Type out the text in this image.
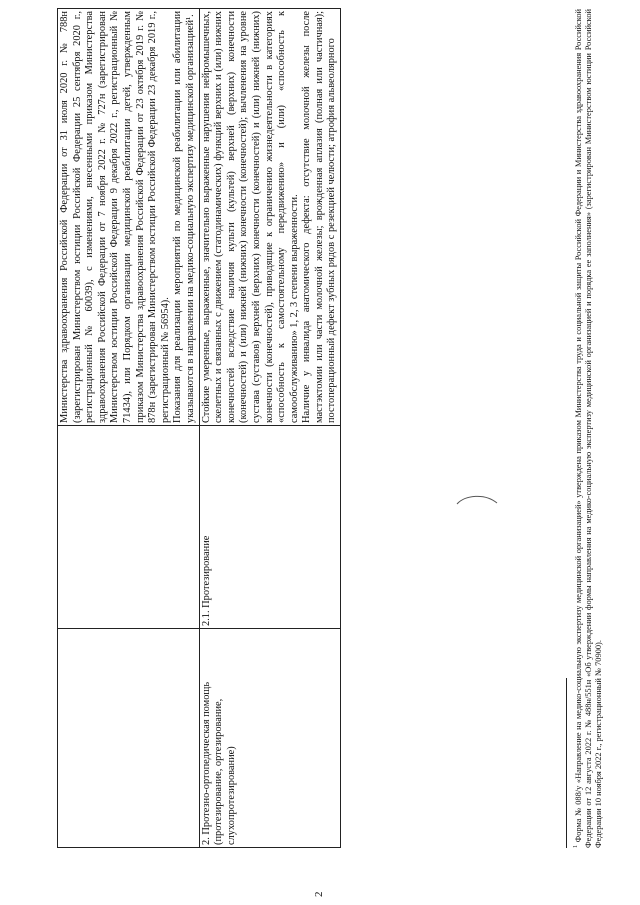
2

		Министерства здравоохранения Российской Федерации от 31 июля 2020 г. № 788н (зарегистрирован Министерством юстиции Российской Федерации 25 сентября 2020 г., регистрационный № 60039), с изменениями, внесенными приказом Министерства здравоохранения Российской Федерации от 7 ноября 2022 г. № 727н (зарегистрирован Министерством юстиции Российской Федерации 9 декабря 2022 г., регистрационный № 71434), или Порядком организации медицинской реабилитации детей, утвержденным приказом Министерства здравоохранения Российской Федерации от 23 октября 2019 г. № 878н (зарегистрирован Министерством юстиции Российской Федерации 23 декабря 2019 г., регистрационный № 56954). Показания для реализации мероприятий по медицинской реабилитации или абилитации указываются в направлении на медико-социальную экспертизу медицинской организацией¹.

2. Протезно-ортопедическая помощь (протезирование, ортезирование, слухопротезирование)	2.1. Протезирование	Стойкие умеренные, выраженные, значительно выраженные нарушения нейромышечных, скелетных и связанных с движением (статодинамических) функций верхних и (или) нижних конечностей вследствие наличия культи (культей) верхней (верхних) конечности (конечностей) и (или) нижней (нижних) конечности (конечностей); вычленения на уровне сустава (суставов) верхней (верхних) конечности (конечностей) и (или) нижней (нижних) конечности (конечностей), приводящие к ограничению жизнедеятельности в категориях «способность к самостоятельному передвижению» и (или) «способность к самообслуживанию» 1, 2, 3 степени выраженности. Наличие у инвалида анатомического дефекта: отсутствие молочной железы после мастэктомии или части молочной железы; врожденная аплазия (полная или частичная); постоперационный дефект зубных рядов с резекцией челюсти; атрофия альвеолярного

$^1$ Форма № 088/у «Направление на медико-социальную экспертизу медицинской организацией» утверждена приказом Министерства труда и социальной защиты Российской Федерации и Министерства здравоохранения Российской Федерации от 12 августа 2022 г. № 488н/551н «Об утверждении формы направления на медико-социальную экспертизу медицинской организацией и порядка ее заполнения» (зарегистрирован Министерством юстиции Российской Федерации 10 ноября 2022 г., регистрационный № 70900).
